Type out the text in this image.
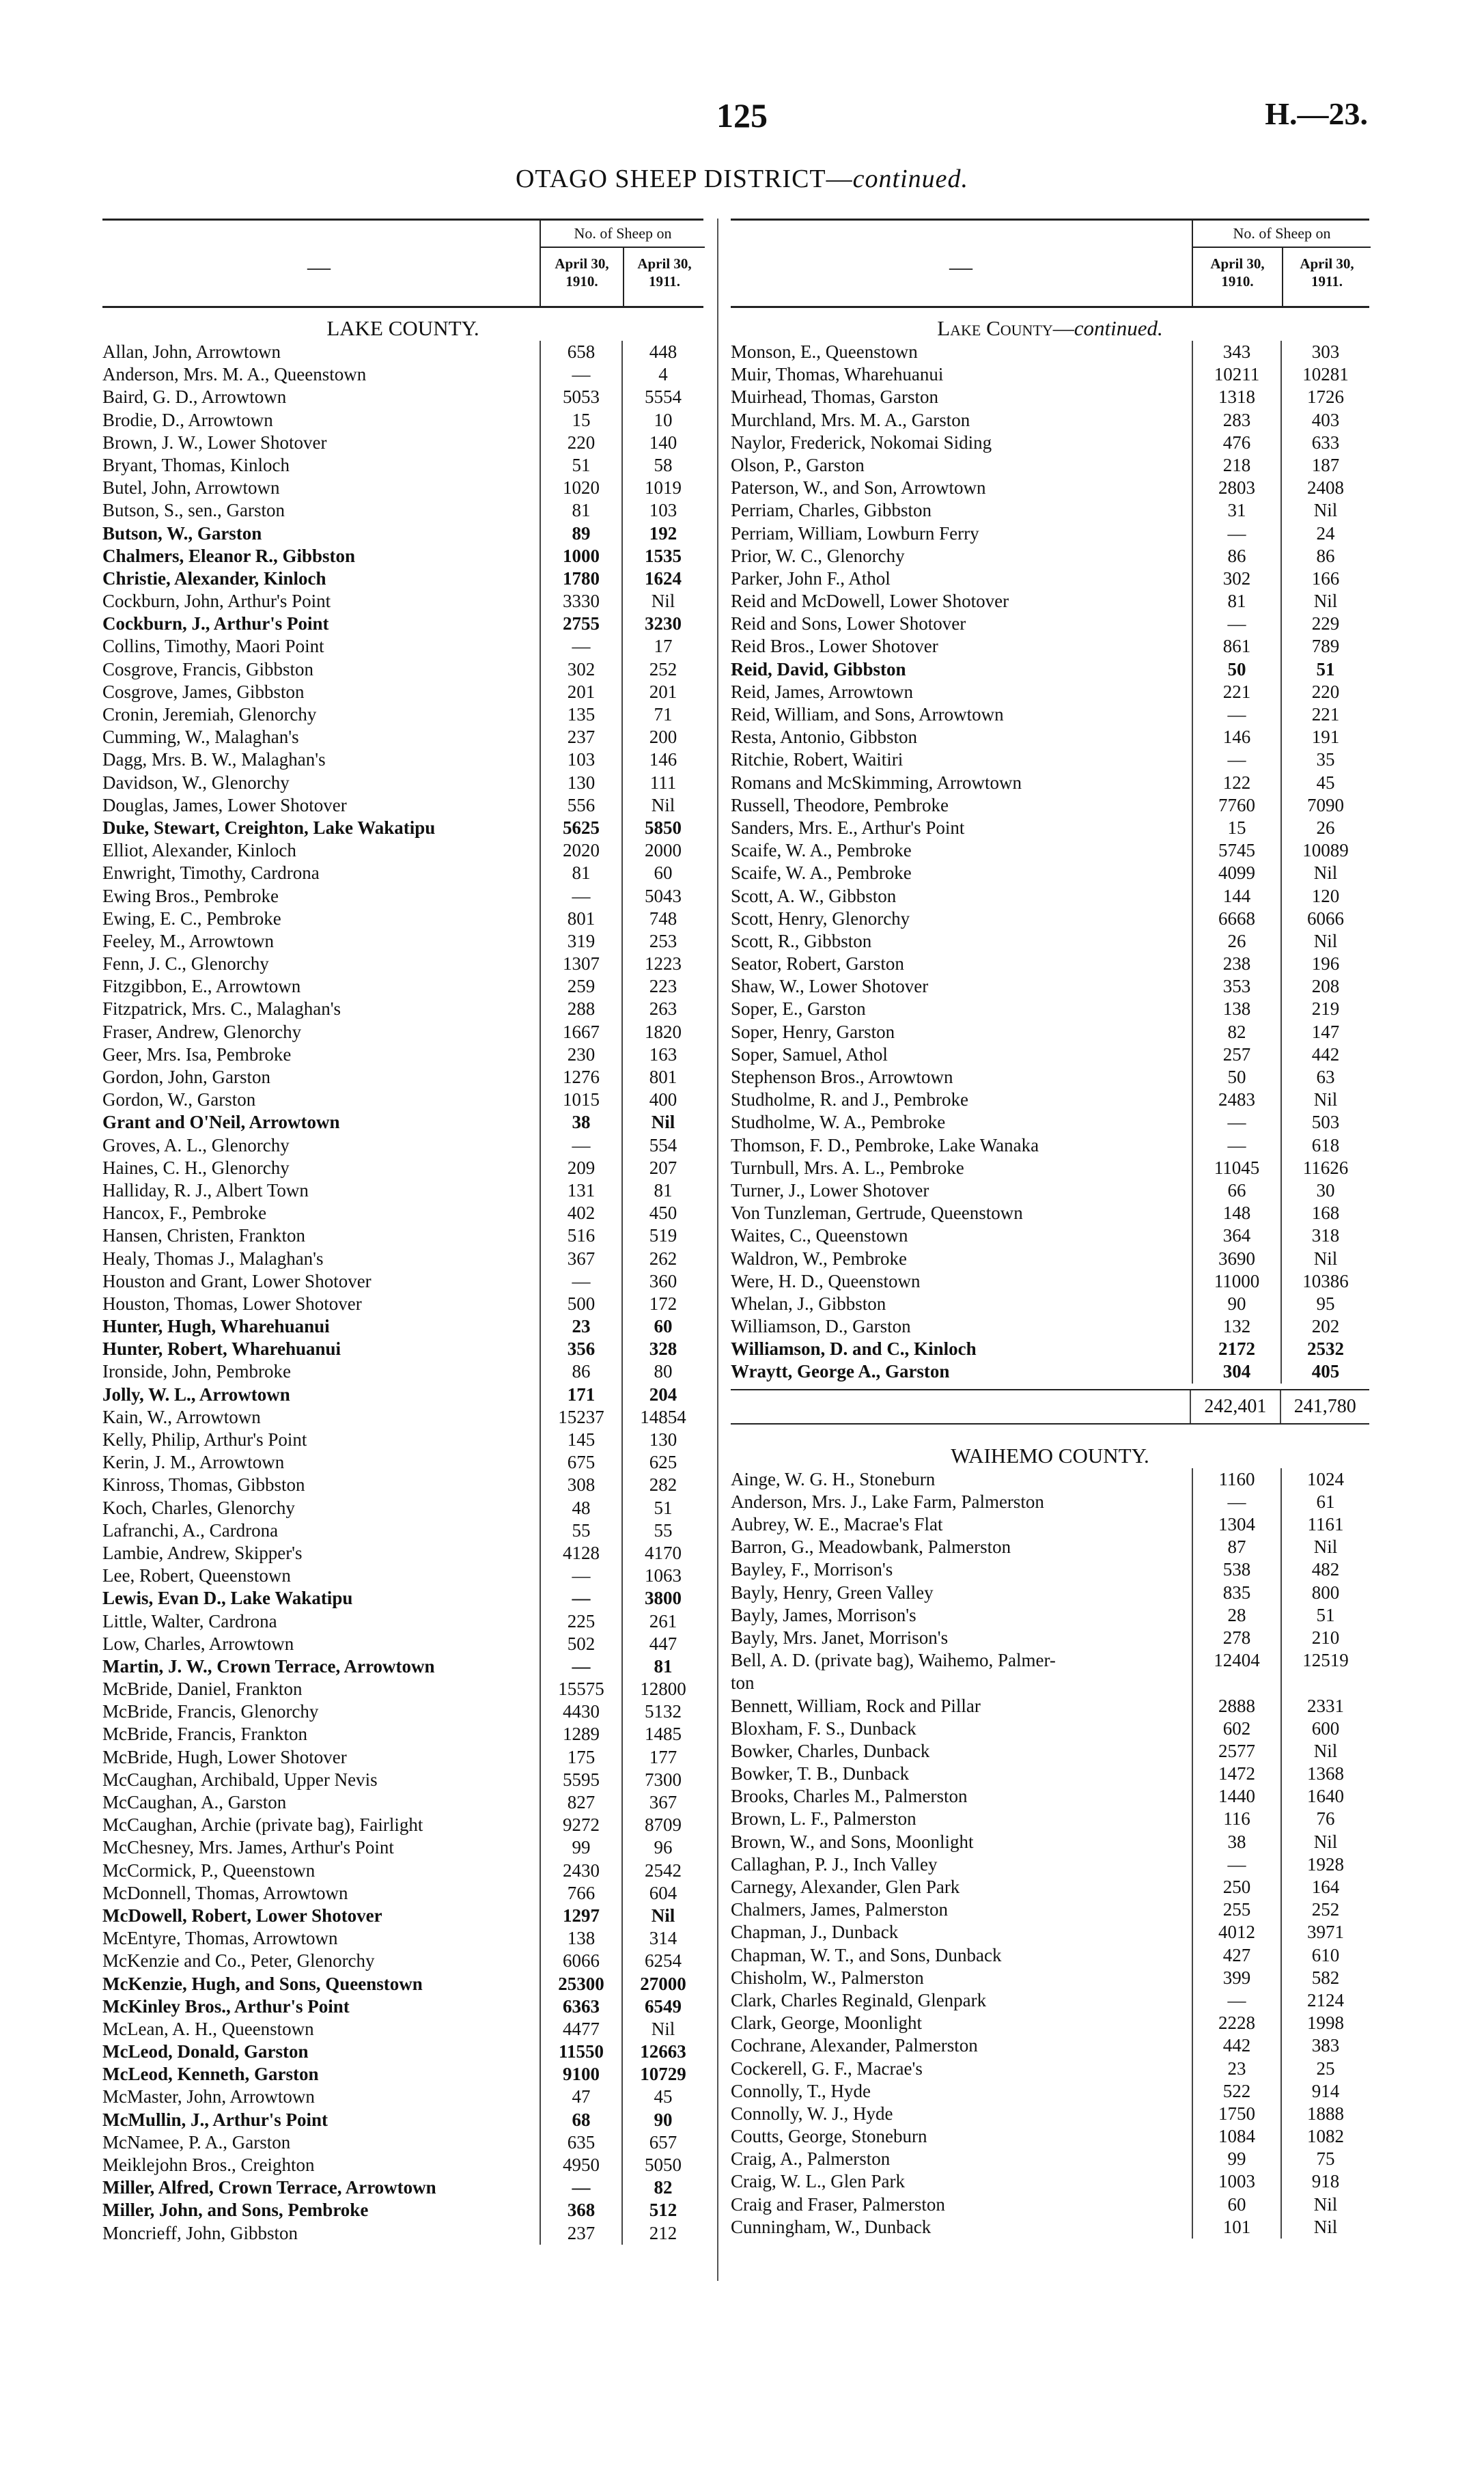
125	H.—23.
OTAGO SHEEP DISTRICT—continued.
—
No. of Sheep on
April 30, 1910.
April 30, 1911.
LAKE COUNTY.
Allan, John, Arrowtown	658	448
Anderson, Mrs. M. A., Queenstown	—	4
Baird, G. D., Arrowtown	5053	5554
Brodie, D., Arrowtown	15	10
Brown, J. W., Lower Shotover	220	140
Bryant, Thomas, Kinloch	51	58
Butel, John, Arrowtown	1020	1019
Butson, S., sen., Garston	81	103
Butson, W., Garston	89	192
Chalmers, Eleanor R., Gibbston	1000	1535
Christie, Alexander, Kinloch	1780	1624
Cockburn, John, Arthur's Point	3330	Nil
Cockburn, J., Arthur's Point	2755	3230
Collins, Timothy, Maori Point	—	17
Cosgrove, Francis, Gibbston	302	252
Cosgrove, James, Gibbston	201	201
Cronin, Jeremiah, Glenorchy	135	71
Cumming, W., Malaghan's	237	200
Dagg, Mrs. B. W., Malaghan's	103	146
Davidson, W., Glenorchy	130	111
Douglas, James, Lower Shotover	556	Nil
Duke, Stewart, Creighton, Lake Wakatipu	5625	5850
Elliot, Alexander, Kinloch	2020	2000
Enwright, Timothy, Cardrona	81	60
Ewing Bros., Pembroke	—	5043
Ewing, E. C., Pembroke	801	748
Feeley, M., Arrowtown	319	253
Fenn, J. C., Glenorchy	1307	1223
Fitzgibbon, E., Arrowtown	259	223
Fitzpatrick, Mrs. C., Malaghan's	288	263
Fraser, Andrew, Glenorchy	1667	1820
Geer, Mrs. Isa, Pembroke	230	163
Gordon, John, Garston	1276	801
Gordon, W., Garston	1015	400
Grant and O'Neil, Arrowtown	38	Nil
Groves, A. L., Glenorchy	—	554
Haines, C. H., Glenorchy	209	207
Halliday, R. J., Albert Town	131	81
Hancox, F., Pembroke	402	450
Hansen, Christen, Frankton	516	519
Healy, Thomas J., Malaghan's	367	262
Houston and Grant, Lower Shotover	—	360
Houston, Thomas, Lower Shotover	500	172
Hunter, Hugh, Wharehuanui	23	60
Hunter, Robert, Wharehuanui	356	328
Ironside, John, Pembroke	86	80
Jolly, W. L., Arrowtown	171	204
Kain, W., Arrowtown	15237	14854
Kelly, Philip, Arthur's Point	145	130
Kerin, J. M., Arrowtown	675	625
Kinross, Thomas, Gibbston	308	282
Koch, Charles, Glenorchy	48	51
Lafranchi, A., Cardrona	55	55
Lambie, Andrew, Skipper's	4128	4170
Lee, Robert, Queenstown	—	1063
Lewis, Evan D., Lake Wakatipu	—	3800
Little, Walter, Cardrona	225	261
Low, Charles, Arrowtown	502	447
Martin, J. W., Crown Terrace, Arrowtown	—	81
McBride, Daniel, Frankton	15575	12800
McBride, Francis, Glenorchy	4430	5132
McBride, Francis, Frankton	1289	1485
McBride, Hugh, Lower Shotover	175	177
McCaughan, Archibald, Upper Nevis	5595	7300
McCaughan, A., Garston	827	367
McCaughan, Archie (private bag), Fairlight	9272	8709
McChesney, Mrs. James, Arthur's Point	99	96
McCormick, P., Queenstown	2430	2542
McDonnell, Thomas, Arrowtown	766	604
McDowell, Robert, Lower Shotover	1297	Nil
McEntyre, Thomas, Arrowtown	138	314
McKenzie and Co., Peter, Glenorchy	6066	6254
McKenzie, Hugh, and Sons, Queenstown	25300	27000
McKinley Bros., Arthur's Point	6363	6549
McLean, A. H., Queenstown	4477	Nil
McLeod, Donald, Garston	11550	12663
McLeod, Kenneth, Garston	9100	10729
McMaster, John, Arrowtown	47	45
McMullin, J., Arthur's Point	68	90
McNamee, P. A., Garston	635	657
Meiklejohn Bros., Creighton	4950	5050
Miller, Alfred, Crown Terrace, Arrowtown	—	82
Miller, John, and Sons, Pembroke	368	512
Moncrieff, John, Gibbston	237	212
—
No. of Sheep on
April 30, 1910.
April 30, 1911.
Lake County—continued.
Monson, E., Queenstown	343	303
Muir, Thomas, Wharehuanui	10211	10281
Muirhead, Thomas, Garston	1318	1726
Murchland, Mrs. M. A., Garston	283	403
Naylor, Frederick, Nokomai Siding	476	633
Olson, P., Garston	218	187
Paterson, W., and Son, Arrowtown	2803	2408
Perriam, Charles, Gibbston	31	Nil
Perriam, William, Lowburn Ferry	—	24
Prior, W. C., Glenorchy	86	86
Parker, John F., Athol	302	166
Reid and McDowell, Lower Shotover	81	Nil
Reid and Sons, Lower Shotover	—	229
Reid Bros., Lower Shotover	861	789
Reid, David, Gibbston	50	51
Reid, James, Arrowtown	221	220
Reid, William, and Sons, Arrowtown	—	221
Resta, Antonio, Gibbston	146	191
Ritchie, Robert, Waitiri	—	35
Romans and McSkimming, Arrowtown	122	45
Russell, Theodore, Pembroke	7760	7090
Sanders, Mrs. E., Arthur's Point	15	26
Scaife, W. A., Pembroke	5745	10089
Scaife, W. A., Pembroke	4099	Nil
Scott, A. W., Gibbston	144	120
Scott, Henry, Glenorchy	6668	6066
Scott, R., Gibbston	26	Nil
Seator, Robert, Garston	238	196
Shaw, W., Lower Shotover	353	208
Soper, E., Garston	138	219
Soper, Henry, Garston	82	147
Soper, Samuel, Athol	257	442
Stephenson Bros., Arrowtown	50	63
Studholme, R. and J., Pembroke	2483	Nil
Studholme, W. A., Pembroke	—	503
Thomson, F. D., Pembroke, Lake Wanaka	—	618
Turnbull, Mrs. A. L., Pembroke	11045	11626
Turner, J., Lower Shotover	66	30
Von Tunzleman, Gertrude, Queenstown	148	168
Waites, C., Queenstown	364	318
Waldron, W., Pembroke	3690	Nil
Were, H. D., Queenstown	11000	10386
Whelan, J., Gibbston	90	95
Williamson, D., Garston	132	202
Williamson, D. and C., Kinloch	2172	2532
Wraytt, George A., Garston	304	405
242,401	241,780
WAIHEMO COUNTY.
Ainge, W. G. H., Stoneburn	1160	1024
Anderson, Mrs. J., Lake Farm, Palmerston	—	61
Aubrey, W. E., Macrae's Flat	1304	1161
Barron, G., Meadowbank, Palmerston	87	Nil
Bayley, F., Morrison's	538	482
Bayly, Henry, Green Valley	835	800
Bayly, James, Morrison's	28	51
Bayly, Mrs. Janet, Morrison's	278	210
Bell, A. D. (private bag), Waihemo, Palmer-	12404	12519
ton
Bennett, William, Rock and Pillar	2888	2331
Bloxham, F. S., Dunback	602	600
Bowker, Charles, Dunback	2577	Nil
Bowker, T. B., Dunback	1472	1368
Brooks, Charles M., Palmerston	1440	1640
Brown, L. F., Palmerston	116	76
Brown, W., and Sons, Moonlight	38	Nil
Callaghan, P. J., Inch Valley	—	1928
Carnegy, Alexander, Glen Park	250	164
Chalmers, James, Palmerston	255	252
Chapman, J., Dunback	4012	3971
Chapman, W. T., and Sons, Dunback	427	610
Chisholm, W., Palmerston	399	582
Clark, Charles Reginald, Glenpark	—	2124
Clark, George, Moonlight	2228	1998
Cochrane, Alexander, Palmerston	442	383
Cockerell, G. F., Macrae's	23	25
Connolly, T., Hyde	522	914
Connolly, W. J., Hyde	1750	1888
Coutts, George, Stoneburn	1084	1082
Craig, A., Palmerston	99	75
Craig, W. L., Glen Park	1003	918
Craig and Fraser, Palmerston	60	Nil
Cunningham, W., Dunback	101	Nil
